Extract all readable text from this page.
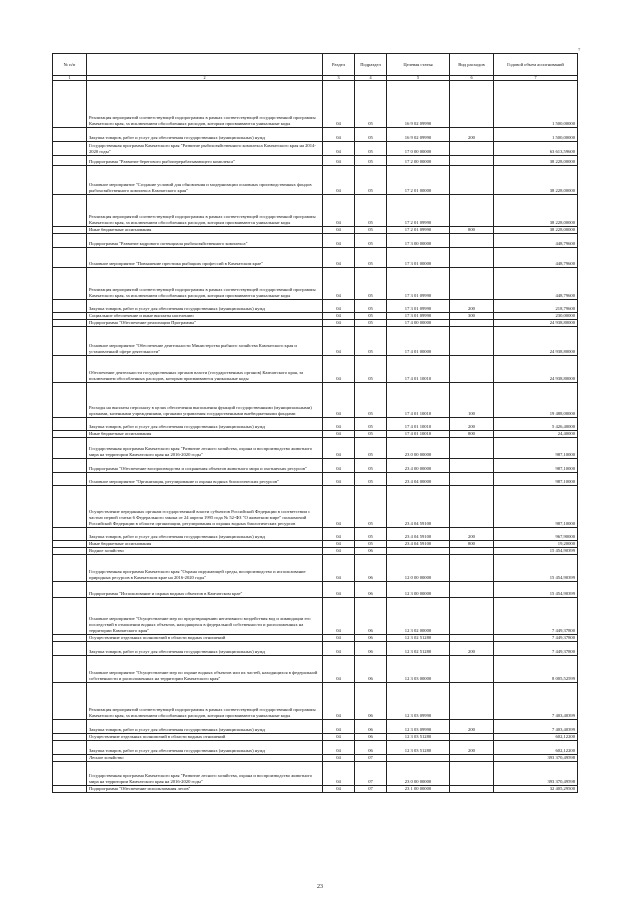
ᵀ
№ п/п		Раздел	Подраздел	Целевая статья	Вид расходов	Годовой объем ассигнований
1	2	3	4	5	6	7
	Реализация мероприятий соответствующей подпрограммы в рамках соответствующей государственной программы Камчатского края, за исключением обособленных расходов, которым присваиваются уникальные коды	04	05	16 9 02 09990		1 500,00000
	Закупка товаров, работ и услуг для обеспечения государственных (муниципальных) нужд	04	05	16 9 02 09990	200	1 500,00000
	Государственная программа Камчатского края "Развитие рыбохозяйственного комплекса Камчатского края на 2014-2020 годы"	04	05	17 0 00 00000		63 613,59600
	Подпрограмма "Развитие берегового рыбоперерабатывающего комплекса"	04	05	17 2 00 00000		38 228,00000
	Основное мероприятие "Создание условий для обновления и модернизации основных производственных фондов рыбохозяйственного комплекса Камчатского края"	04	05	17 2 01 00000		38 228,00000
	Реализация мероприятий соответствующей подпрограммы в рамках соответствующей государственной программы Камчатского края, за исключением обособленных расходов, которым присваиваются уникальные коды	04	05	17 2 01 09990		38 228,00000
	Иные бюджетные ассигнования	04	05	17 2 01 09990	800	38 228,00000
	Подпрограмма "Развитие кадрового потенциала рыбохозяйственного комплекса"	04	05	17 3 00 00000		448,79600
	Основное мероприятие "Повышение престижа рыбацких профессий в Камчатском крае"	04	05	17 3 01 00000		448,79600
	Реализация мероприятий соответствующей подпрограммы в рамках соответствующей государственной программы Камчатского края, за исключением обособленных расходов, которым присваиваются уникальные коды	04	05	17 3 01 09990		448,79600
	Закупка товаров, работ и услуг для обеспечения государственных (муниципальных) нужд	04	05	17 3 01 09990	200	218,79600
	Социальное обеспечение и иные выплаты населению	04	05	17 3 01 09990	300	230,00000
	Подпрограмма "Обеспечение реализации Программы"	04	05	17 4 00 00000		24 938,80000
	Основное мероприятие "Обеспечение деятельности Министерства рыбного хозяйства Камчатского края и установленной сфере деятельности"	04	05	17 4 01 00000		24 938,80000
	Обеспечение деятельности государственных органов власти (государственных органов) Камчатского края, за исключением обособленных расходов, которым присваиваются уникальные коды	04	05	17 4 01 10010		24 938,80000
	Расходы на выплаты персоналу в целях обеспечения выполнения функций государственными (муниципальными) органами, казенными учреждениями, органами управления государственными внебюджетными фондами	04	05	17 4 01 10010	100	19 488,00000
	Закупка товаров, работ и услуг для обеспечения государственных (муниципальных) нужд	04	05	17 4 01 10010	200	5 426,40000
	Иные бюджетные ассигнования	04	05	17 4 01 10010	800	24,40000
	Государственная программа Камчатского края "Развитие лесного хозяйства, охрана и воспроизводство животного мира на территории Камчатского края на 2016-2020 годы"	04	05	23 0 00 00000		987,10000
	Подпрограмма "Обеспечение воспроизводства и сохранения объектов животного мира и охотничьих ресурсов"	04	05	23 4 00 00000		987,10000
	Основное мероприятие "Организация, регулирование и охрана водных биологических ресурсов"	04	05	23 4 04 00000		987,10000
	Осуществление переданных органам государственной власти субъектов Российской Федерации в соответствии с частью первой статьи 6 Федерального закона от 24 апреля 1995 года № 52-ФЗ "О животном мире" полномочий Российской Федерации в области организации, регулирования и охраны водных биологических ресурсов	04	05	23 4 04 59100		987,10000
	Закупка товаров, работ и услуг для обеспечения государственных (муниципальных) нужд	04	05	23 4 04 59100	200	967,90000
	Иные бюджетные ассигнования	04	05	23 4 04 59100	800	19,20000
	Водное хозяйство	04	06			15 454,90399
	Государственная программа Камчатского края "Охрана окружающей среды, воспроизводство и использование природных ресурсов в Камчатском крае на 2016-2020 годы"	04	06	12 0 00 00000		15 454,90399
	Подпрограмма "Использование и охрана водных объектов в Камчатском крае"	04	06	12 3 00 00000		15 454,90399
	Основное мероприятие "Осуществление мер по предотвращению негативного воздействия вод и ликвидации его последствий в отношении водных объектов, находящихся в федеральной собственности и расположенных на территории Камчатского края"	04	06	12 3 02 00000		7 449,37800
	Осуществление отдельных полномочий в области водных отношений	04	06	12 3 02 51280		7 449,37800
	Закупка товаров, работ и услуг для обеспечения государственных (муниципальных) нужд	04	06	12 3 02 51280	200	7 449,37800
	Основное мероприятие "Осуществление мер по охране водных объектов или их частей, находящихся в федеральной собственности и расположенных на территории Камчатского края"	04	06	12 3 03 00000		8 005,52599
	Реализация мероприятий соответствующей подпрограммы в рамках соответствующей государственной программы Камчатского края, за исключением обособленных расходов, которым присваиваются уникальные коды	04	06	12 3 03 09990		7 403,40399
	Закупка товаров, работ и услуг для обеспечения государственных (муниципальных) нужд	04	06	12 3 03 09990	200	7 403,40399
	Осуществление отдельных полномочий в области водных отношений	04	06	12 3 03 51280		602,12200
	Закупка товаров, работ и услуг для обеспечения государственных (муниципальных) нужд	04	06	12 3 03 51280	200	602,12200
	Лесное хозяйство	04	07			393 370,49598
	Государственная программа Камчатского края "Развитие лесного хозяйства, охрана и воспроизводство животного мира на территории Камчатского края на 2016-2020 годы"	04	07	23 0 00 00000		393 370,49598
	Подпрограмма "Обеспечение использования лесов"	04	07	23 1 00 00000		32 405,29500
23
